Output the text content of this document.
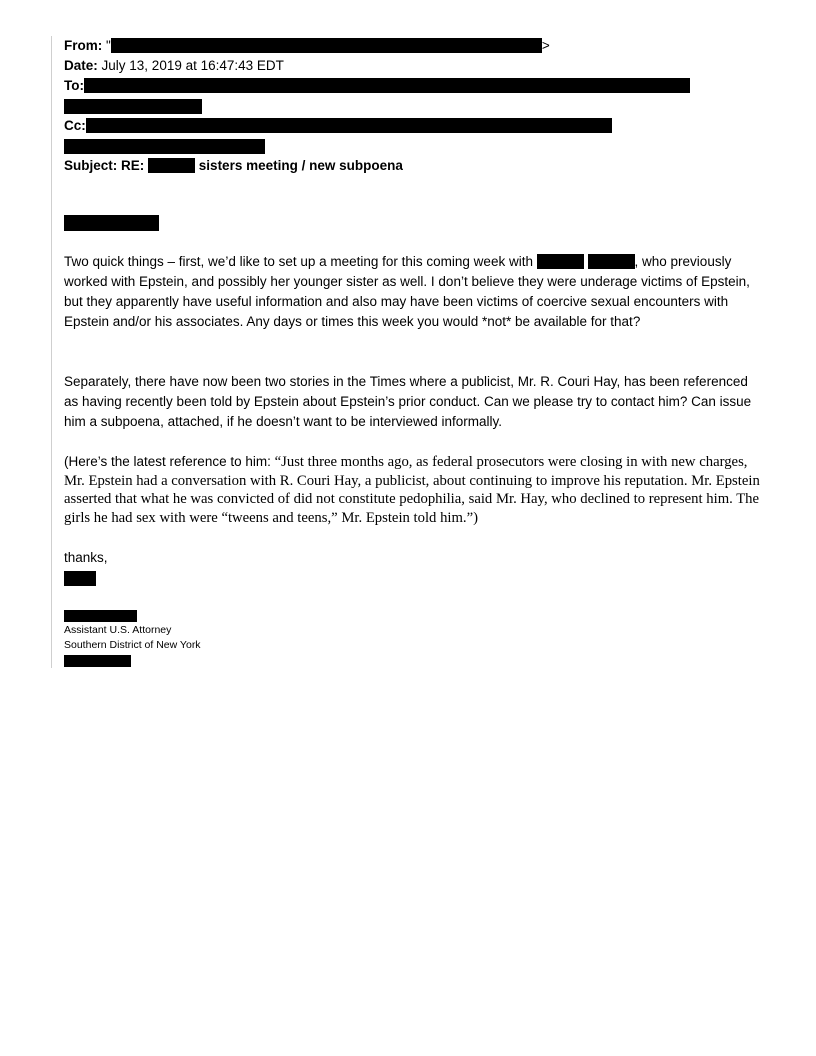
From: "	>
Date: July 13, 2019 at 16:47:43 EDT
To:
Cc:
Subject: RE:	sisters meeting / new subpoena
Two quick things – first, we’d like to set up a meeting for this coming week with	, who previously worked with Epstein, and possibly her younger sister as well. I don’t believe they were underage victims of Epstein, but they apparently have useful information and also may have been victims of coercive sexual encounters with Epstein and/or his associates. Any days or times this week you would *not* be available for that?
Separately, there have now been two stories in the Times where a publicist, Mr. R. Couri Hay, has been referenced as having recently been told by Epstein about Epstein’s prior conduct. Can we please try to contact him? Can issue him a subpoena, attached, if he doesn’t want to be interviewed informally.
(Here’s the latest reference to him: “Just three months ago, as federal prosecutors were closing in with new charges, Mr. Epstein had a conversation with R. Couri Hay, a publicist, about continuing to improve his reputation. Mr. Epstein asserted that what he was convicted of did not constitute pedophilia, said Mr. Hay, who declined to represent him. The girls he had sex with were “tweens and teens,” Mr. Epstein told him.”)
thanks,
Assistant U.S. Attorney
Southern District of New York
